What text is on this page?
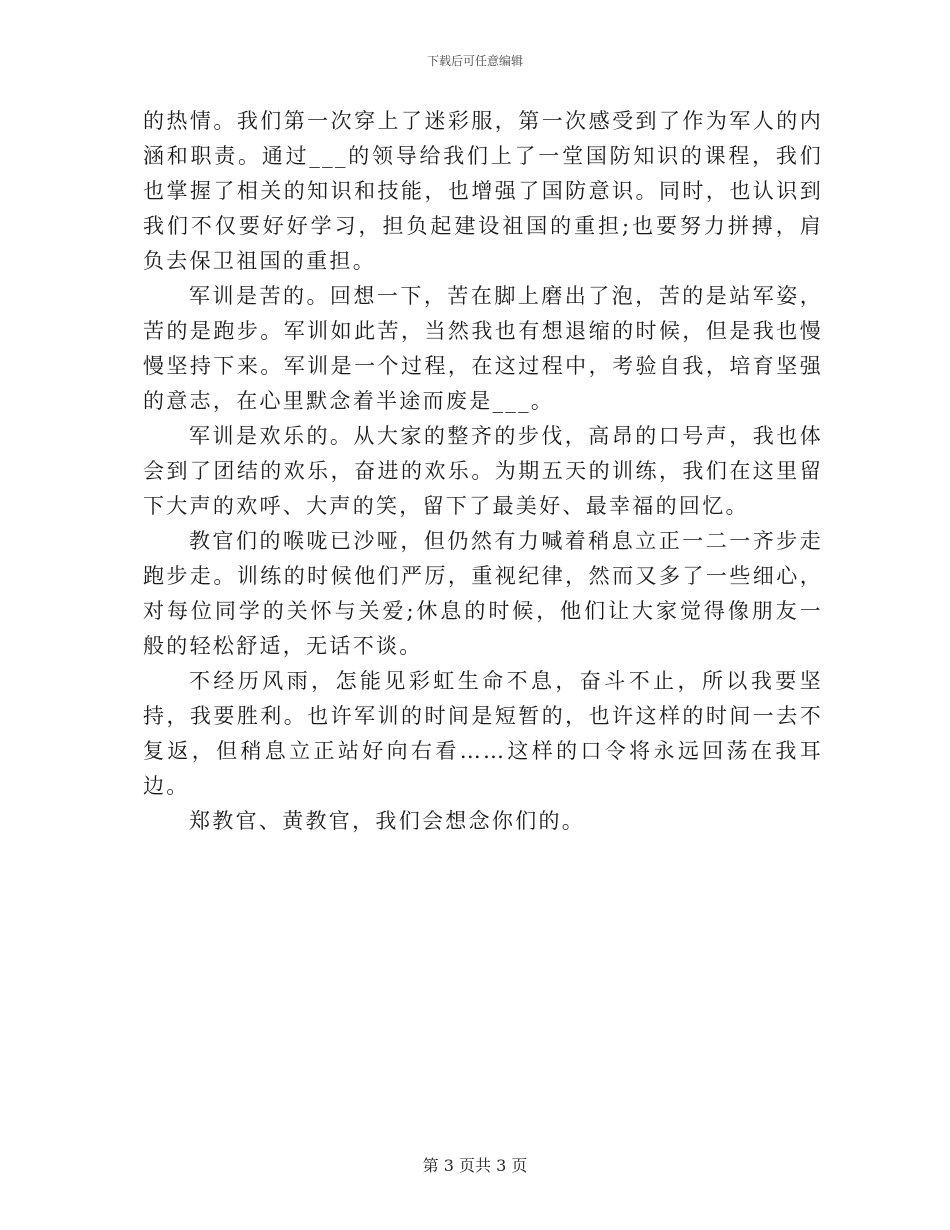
下载后可任意编辑

的热情。我们第一次穿上了迷彩服，第一次感受到了作为军人的内涵和职责。通过___的领导给我们上了一堂国防知识的课程，我们也掌握了相关的知识和技能，也增强了国防意识。同时，也认识到我们不仅要好好学习，担负起建设祖国的重担;也要努力拼搏，肩负去保卫祖国的重担。

军训是苦的。回想一下，苦在脚上磨出了泡，苦的是站军姿，苦的是跑步。军训如此苦，当然我也有想退缩的时候，但是我也慢慢坚持下来。军训是一个过程，在这过程中，考验自我，培育坚强的意志，在心里默念着半途而废是___。

军训是欢乐的。从大家的整齐的步伐，高昂的口号声，我也体会到了团结的欢乐，奋进的欢乐。为期五天的训练，我们在这里留下大声的欢呼、大声的笑，留下了最美好、最幸福的回忆。

教官们的喉咙已沙哑，但仍然有力喊着稍息立正一二一齐步走跑步走。训练的时候他们严厉，重视纪律，然而又多了一些细心，对每位同学的关怀与关爱;休息的时候，他们让大家觉得像朋友一般的轻松舒适，无话不谈。

不经历风雨，怎能见彩虹生命不息，奋斗不止，所以我要坚持，我要胜利。也许军训的时间是短暂的，也许这样的时间一去不复返，但稍息立正站好向右看……这样的口令将永远回荡在我耳边。

郑教官、黄教官，我们会想念你们的。

第 3 页共 3 页
